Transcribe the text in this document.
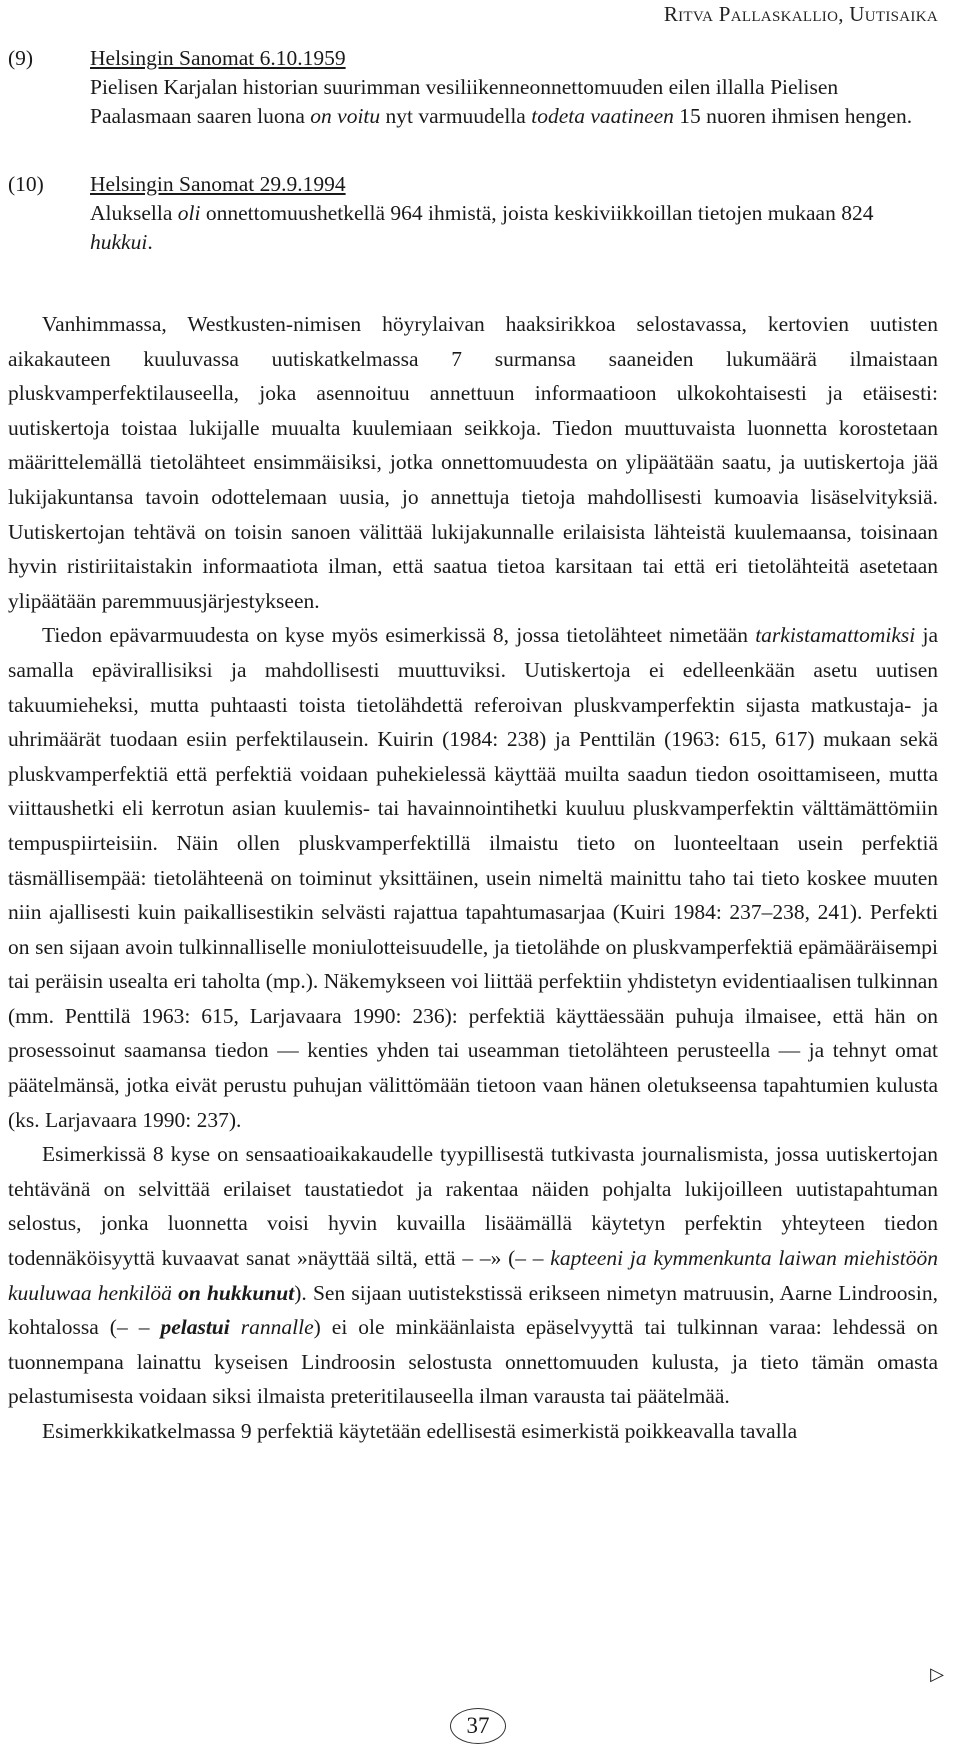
Ritva Pallaskallio, Uutisaika
(9)	Helsingin Sanomat 6.10.1959
Pielisen Karjalan historian suurimman vesiliikenneonnettomuuden eilen illalla Pielisen Paalasmaan saaren luona on voitu nyt varmuudella todeta vaatineen 15 nuoren ihmisen hengen.
(10) Helsingin Sanomat 29.9.1994
Aluksella oli onnettomuushetkellä 964 ihmistä, joista keskiviikkoillan tietojen mukaan 824 hukkui.

Vanhimmassa, Westkusten-nimisen höyrylaivan haaksirikkoa selostavassa, kertovien uutisten aikakauteen kuuluvassa uutiskatkelmassa 7 surmansa saaneiden lukumäärä ilmaistaan pluskvamperfektilauseella, joka asennoituu annettuun informaatioon ulkokohtaisesti ja etäisesti: uutiskertoja toistaa lukijalle muualta kuulemiaan seikkoja. Tiedon muuttuvaista luonnetta korostetaan määrittelemällä tietolähteet ensimmäisiksi, jotka onnettomuudesta on ylipäätään saatu, ja uutiskertoja jää lukijakuntansa tavoin odottelemaan uusia, jo annettuja tietoja mahdollisesti kumoavia lisäselvityksiä. Uutiskertojan tehtävä on toisin sanoen välittää lukijakunnalle erilaisista lähteistä kuulemaansa, toisinaan hyvin ristiriitaistakin informaatiota ilman, että saatua tietoa karsitaan tai että eri tietolähteitä asetetaan ylipäätään paremmuusjärjestykseen.

Tiedon epävarmuudesta on kyse myös esimerkissä 8, jossa tietolähteet nimetään tarkistamattomiksi ja samalla epävirallisiksi ja mahdollisesti muuttuviksi. Uutiskertoja ei edelleenkään asetu uutisen takuumieheksi, mutta puhtaasti toista tietolähdettä referoivan pluskvamperfektin sijasta matkustaja- ja uhrimäärät tuodaan esiin perfektilausein. Kuirin (1984: 238) ja Penttilän (1963: 615, 617) mukaan sekä pluskvamperfektiä että perfektiä voidaan puhekielessä käyttää muilta saadun tiedon osoittamiseen, mutta viittaushetki eli kerrotun asian kuulemis- tai havainnointihetki kuuluu pluskvamperfektin välttämättömiin tempuspiirteisiin. Näin ollen pluskvamperfektillä ilmaistu tieto on luonteeltaan usein perfektiä täsmällisempää: tietolähteenä on toiminut yksittäinen, usein nimeltä mainittu taho tai tieto koskee muuten niin ajallisesti kuin paikallisestikin selvästi rajattua tapahtumasarjaa (Kuiri 1984: 237–238, 241). Perfekti on sen sijaan avoin tulkinnalliselle moniulotteisuudelle, ja tietolähde on pluskvamperfektiä epämääräisempi tai peräisin usealta eri taholta (mp.). Näkemykseen voi liittää perfektiin yhdistetyn evidentiaalisen tulkinnan (mm. Penttilä 1963: 615, Larjavaara 1990: 236): perfektiä käyttäessään puhuja ilmaisee, että hän on prosessoinut saamansa tiedon — kenties yhden tai useamman tietolähteen perusteella — ja tehnyt omat päätelmänsä, jotka eivät perustu puhujan välittömään tietoon vaan hänen oletukseensa tapahtumien kulusta (ks. Larjavaara 1990: 237).

Esimerkissä 8 kyse on sensaatioaikakaudelle tyypillisestä tutkivasta journalismista, jossa uutiskertojan tehtävänä on selvittää erilaiset taustatiedot ja rakentaa näiden pohjalta lukijoilleen uutistapahtuman selostus, jonka luonnetta voisi hyvin kuvailla lisäämällä käytetyn perfektin yhteyteen tiedon todennäköisyyttä kuvaavat sanat »näyttää siltä, että – –» (– – kapteeni ja kymmenkunta laiwan miehistöön kuuluwaa henkilöä on hukkunut). Sen sijaan uutistekstissä erikseen nimetyn matruusin, Aarne Lindroosin, kohtalossa (– – pelastui rannalle) ei ole minkäänlaista epäselvyyttä tai tulkinnan varaa: lehdessä on tuonnempana lainattu kyseisen Lindroosin selostusta onnettomuuden kulusta, ja tieto tämän omasta pelastumisesta voidaan siksi ilmaista preteritilauseella ilman varausta tai päätelmää.

Esimerkkikatkelmassa 9 perfektiä käytetään edellisestä esimerkistä poikkeavalla tavalla

▷
37
